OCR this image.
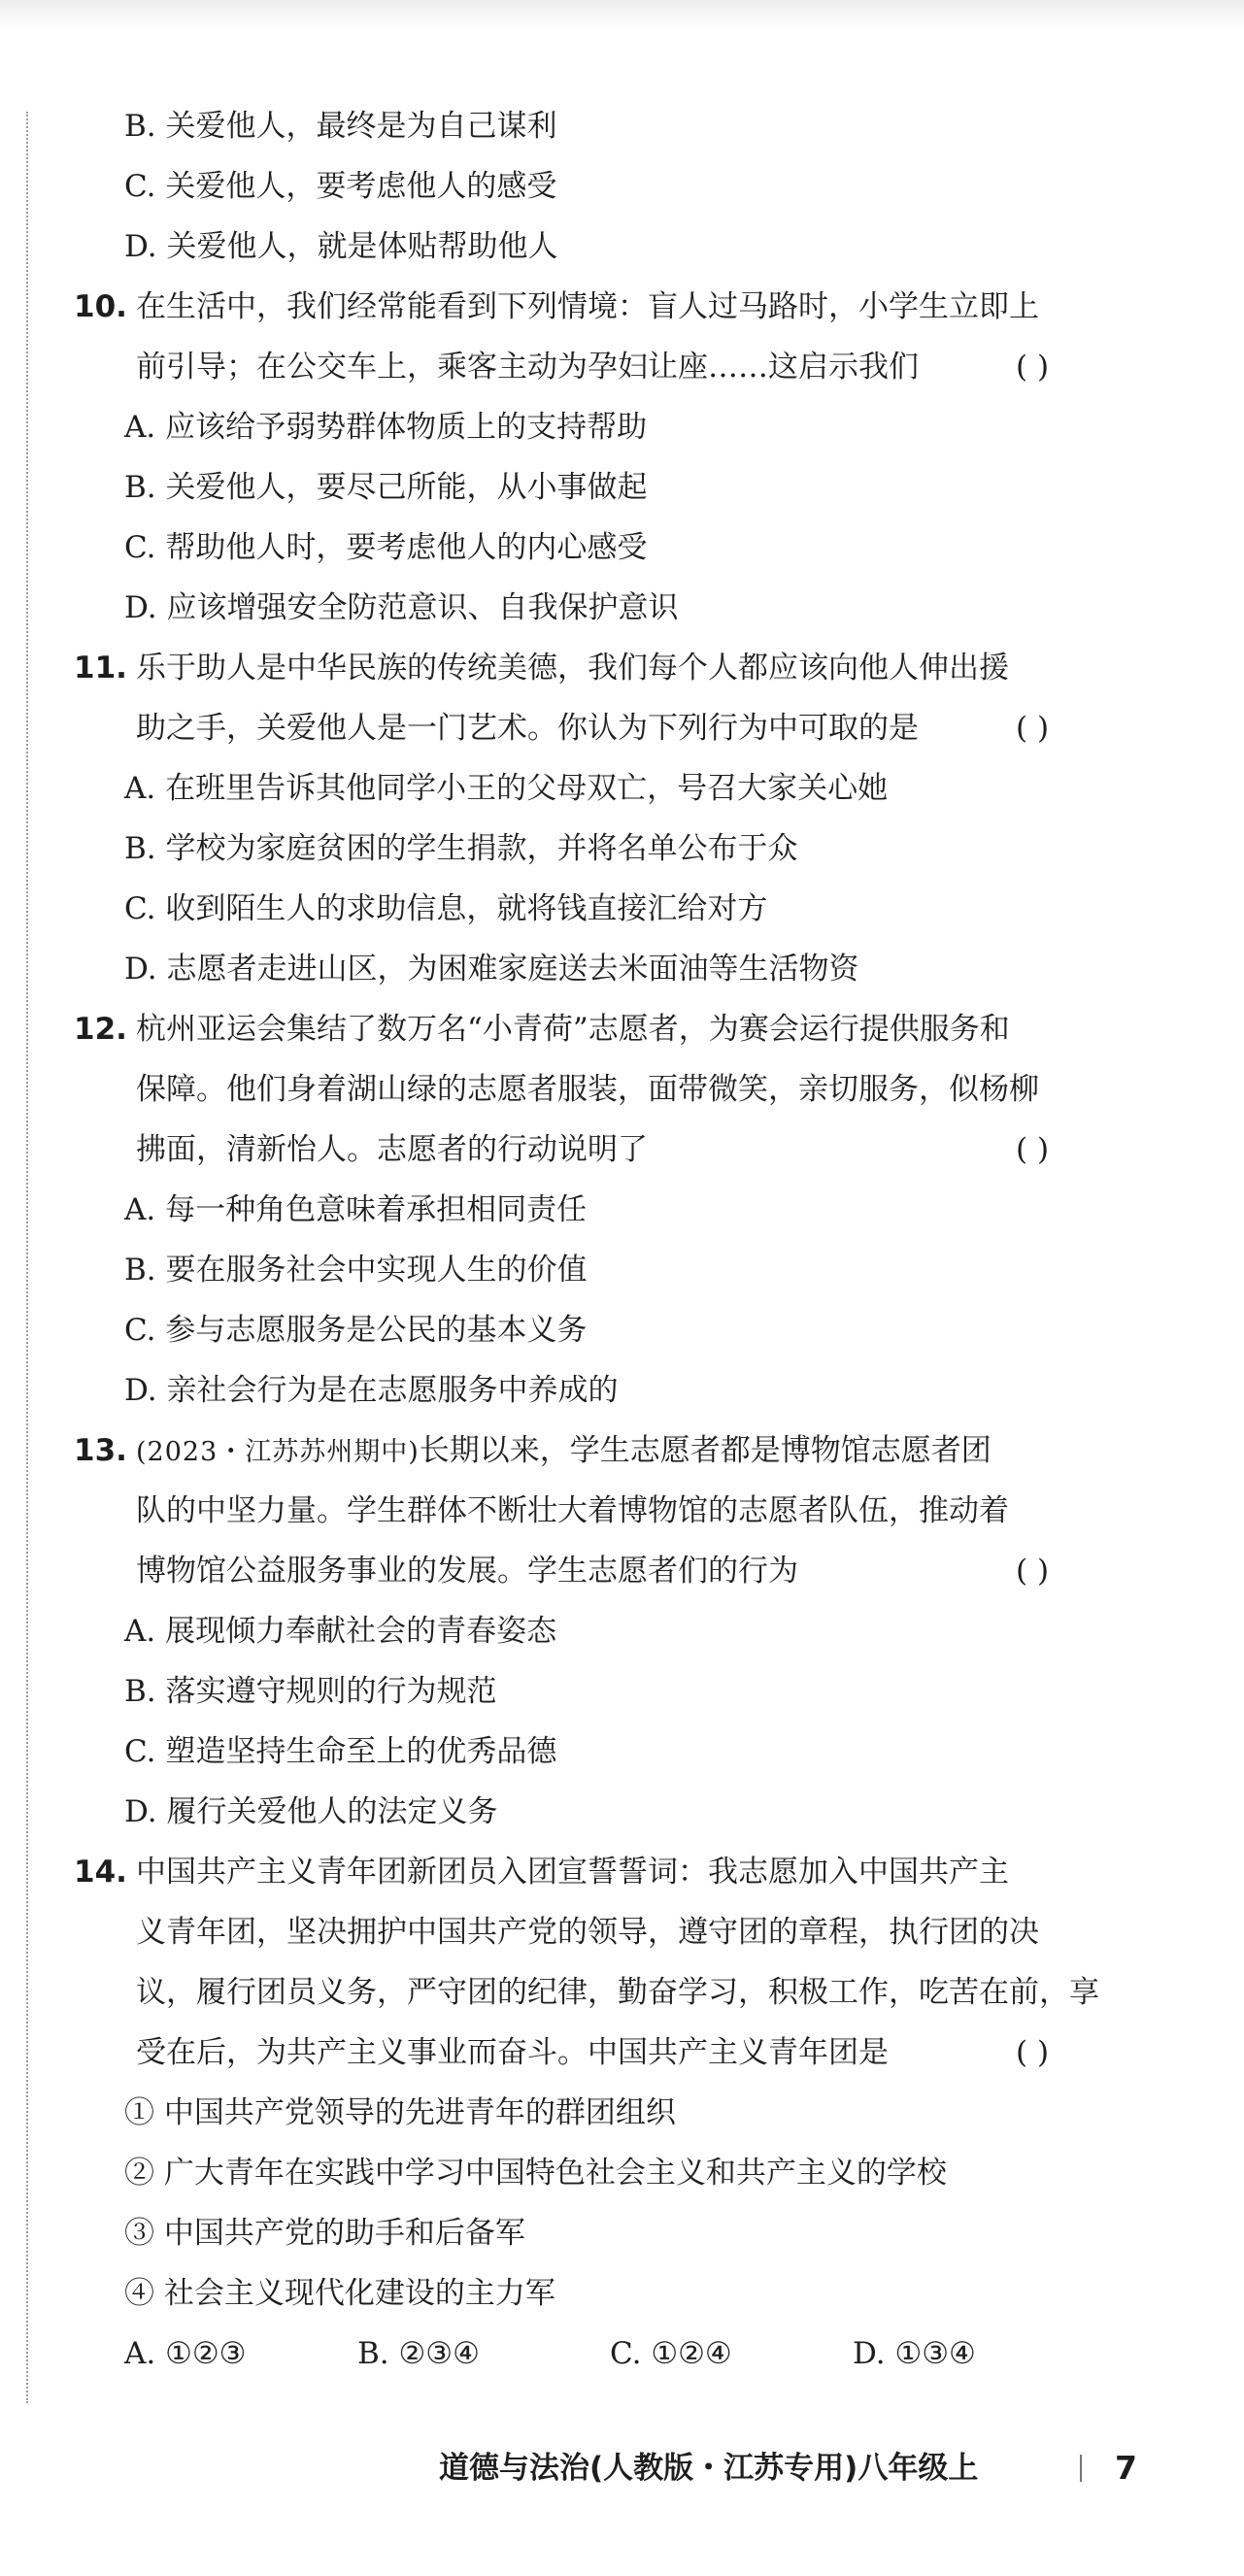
B. 关爱他人，最终是为自己谋利
C. 关爱他人，要考虑他人的感受
D. 关爱他人，就是体贴帮助他人
10. 在生活中，我们经常能看到下列情境：盲人过马路时，小学生立即上
前引导；在公交车上，乘客主动为孕妇让座……这启示我们	( )
A. 应该给予弱势群体物质上的支持帮助
B. 关爱他人，要尽己所能，从小事做起
C. 帮助他人时，要考虑他人的内心感受
D. 应该增强安全防范意识、自我保护意识
11. 乐于助人是中华民族的传统美德，我们每个人都应该向他人伸出援
助之手，关爱他人是一门艺术。你认为下列行为中可取的是	( )
A. 在班里告诉其他同学小王的父母双亡，号召大家关心她
B. 学校为家庭贫困的学生捐款，并将名单公布于众
C. 收到陌生人的求助信息，就将钱直接汇给对方
D. 志愿者走进山区，为困难家庭送去米面油等生活物资
12. 杭州亚运会集结了数万名“小青荷”志愿者，为赛会运行提供服务和
保障。他们身着湖山绿的志愿者服装，面带微笑，亲切服务，似杨柳
拂面，清新怡人。志愿者的行动说明了	( )
A. 每一种角色意味着承担相同责任
B. 要在服务社会中实现人生的价值
C. 参与志愿服务是公民的基本义务
D. 亲社会行为是在志愿服务中养成的
13. (2023・江苏苏州期中)长期以来，学生志愿者都是博物馆志愿者团
队的中坚力量。学生群体不断壮大着博物馆的志愿者队伍，推动着
博物馆公益服务事业的发展。学生志愿者们的行为	( )
A. 展现倾力奉献社会的青春姿态
B. 落实遵守规则的行为规范
C. 塑造坚持生命至上的优秀品德
D. 履行关爱他人的法定义务
14. 中国共产主义青年团新团员入团宣誓誓词：我志愿加入中国共产主
义青年团，坚决拥护中国共产党的领导，遵守团的章程，执行团的决
议，履行团员义务，严守团的纪律，勤奋学习，积极工作，吃苦在前，享
受在后，为共产主义事业而奋斗。中国共产主义青年团是	( )
① 中国共产党领导的先进青年的群团组织
② 广大青年在实践中学习中国特色社会主义和共产主义的学校
③ 中国共产党的助手和后备军
④ 社会主义现代化建设的主力军
A. ①②③	B. ②③④	C. ①②④	D. ①③④
道德与法治(人教版・江苏专用)八年级上	7
